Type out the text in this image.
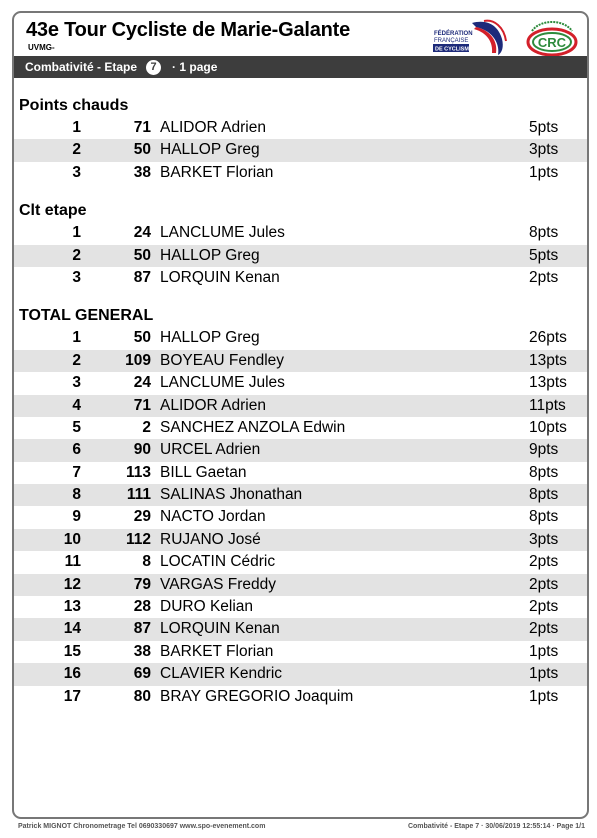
43e Tour Cycliste de Marie-Galante
UVMG-
FÉDÉRATION
FRANÇAISE
DE CYCLISME	CRC
Combativité - Etape	7	· 1 page
Points chauds
1	71 ALIDOR Adrien	5pts
2	50 HALLOP Greg	3pts
3	38 BARKET Florian	1pts
Clt etape
1	24 LANCLUME Jules	8pts
2	50 HALLOP Greg	5pts
3	87 LORQUIN Kenan	2pts
TOTAL GENERAL
1	50 HALLOP Greg	26pts
2	109 BOYEAU Fendley	13pts
3	24 LANCLUME Jules	13pts
4	71 ALIDOR Adrien	11pts
5	2 SANCHEZ ANZOLA Edwin	10pts
6	90 URCEL Adrien	9pts
7	113 BILL Gaetan	8pts
8	111 SALINAS Jhonathan	8pts
9	29 NACTO Jordan	8pts
10	112 RUJANO José	3pts
11	8 LOCATIN Cédric	2pts
12	79 VARGAS Freddy	2pts
13	28 DURO Kelian	2pts
14	87 LORQUIN Kenan	2pts
15	38 BARKET Florian	1pts
16	69 CLAVIER Kendric	1pts
17	80 BRAY GREGORIO Joaquim	1pts
Patrick MIGNOT Chronometrage Tel 0690330697 www.spo-evenement.com	Combativité - Etape 7 · 30/06/2019 12:55:14 · Page 1/1
